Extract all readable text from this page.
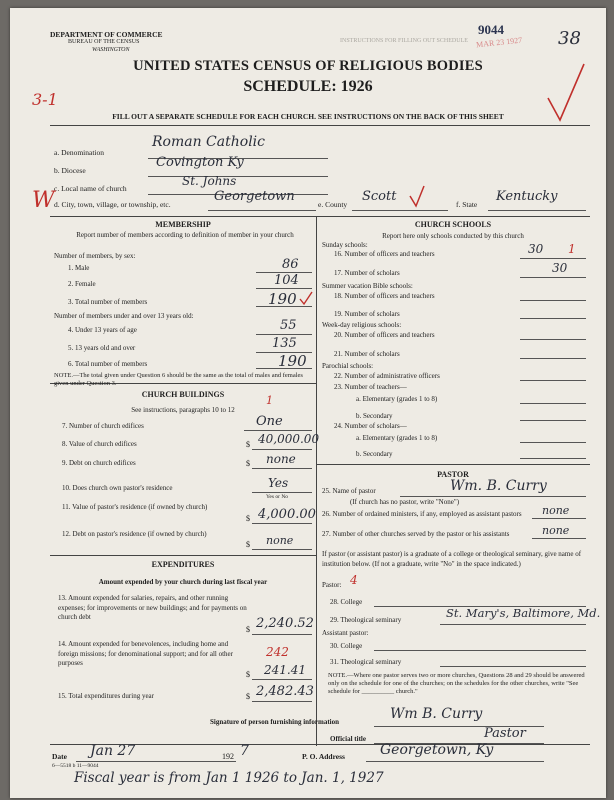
DEPARTMENT OF COMMERCE
BUREAU OF THE CENSUS
WASHINGTON
INSTRUCTIONS FOR FILLING OUT SCHEDULE
9044
MAR 23 1927 38
UNITED STATES CENSUS OF RELIGIOUS BODIES
SCHEDULE: 1926
3-1
FILL OUT A SEPARATE SCHEDULE FOR EACH CHURCH. SEE INSTRUCTIONS ON THE BACK OF THIS SHEET
a. Denomination
Roman Catholic
b. Diocese
Covington Ky
c. Local name of church
St. Johns
W d. City, town, village, or township, etc.
Georgetown
e. County
Scott
f. State
Kentucky
MEMBERSHIP
Report number of members according to definition of member in your church
Number of members, by sex:
1. Male	86
2. Female	104
3. Total number of members	190
Number of members under and over 13 years old:
4. Under 13 years of age	55
5. 13 years old and over	135
6. Total number of members	190
NOTE.—The total given under Question 6 should be the same as the total of males and females given under Question 3.
CHURCH BUILDINGS
See instructions, paragraphs 10 to 12
1
7. Number of church edifices	One
8. Value of church edifices	$ 40,000.00
9. Debt on church edifices	$ none
10. Does church own pastor's residence	Yes
Yes or No
11. Value of pastor's residence (if owned by church)
$ 4,000.00
12. Debt on pastor's residence (if owned by church)
$ none
EXPENDITURES
Amount expended by your church during last fiscal year
13. Amount expended for salaries, repairs, and other running expenses; for improvements or new buildings; and for payments on church debt
$ 2,240.52
14. Amount expended for benevolences, including home and foreign missions; for denominational support; and for all other purposes
242
$ 241.41
15. Total expenditures during year	$ 2,482.43
CHURCH SCHOOLS
Report here only schools conducted by this church
Sunday schools:
16. Number of officers and teachers	30 1
17. Number of scholars	30
Summer vacation Bible schools:
18. Number of officers and teachers
19. Number of scholars
Week-day religious schools:
20. Number of officers and teachers
21. Number of scholars
Parochial schools:
22. Number of administrative officers
23. Number of teachers—
a. Elementary (grades 1 to 8)
b. Secondary
24. Number of scholars—
a. Elementary (grades 1 to 8)
b. Secondary
PASTOR
25. Name of pastor	Wm. B. Curry
(If church has no pastor, write "None")
26. Number of ordained ministers, if any, employed as assistant pastors	none
27. Number of other churches served by the pastor or his assistants	none
If pastor (or assistant pastor) is a graduate of a college or theological seminary, give name of institution below. (If not a graduate, write "No" in the space indicated.)
Pastor: 4
28. College
29. Theological seminary	St. Mary's, Baltimore, Md.
Assistant pastor:
30. College
31. Theological seminary
NOTE.—Where one pastor serves two or more churches, Questions 28 and 29 should be answered only on the schedule for one of the churches; on the schedules for the other churches, write "See schedule for __________ church."
Signature of person furnishing information	Wm B. Curry
Official title	Pastor
Date Jan 27	192 7	P. O. Address	Georgetown, Ky
6—5518 b 11—9044
Fiscal year is from Jan 1 1926 to Jan. 1, 1927
